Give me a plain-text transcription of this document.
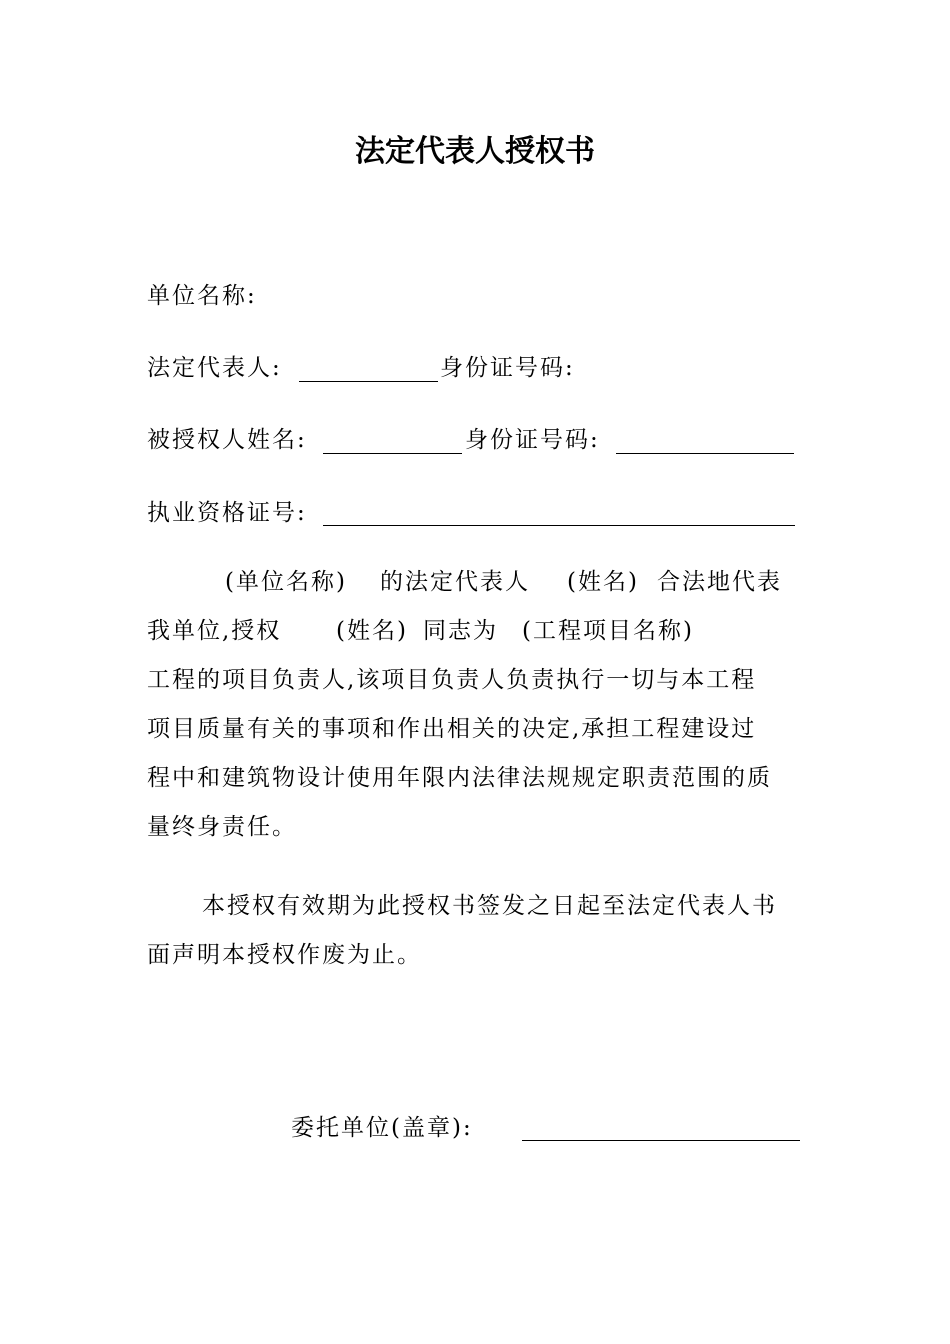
法定代表人授权书
单位名称:
法定代表人:	身份证号码:
被授权人姓名:	身份证号码:
执业资格证号:
(单位名称) 的法定代表人 (姓名) 合法地代表
我单位,授权 (姓名) 同志为 (工程项目名称)
工程的项目负责人,该项目负责人负责执行一切与本工程
项目质量有关的事项和作出相关的决定,承担工程建设过
程中和建筑物设计使用年限内法律法规规定职责范围的质
量终身责任。
本授权有效期为此授权书签发之日起至法定代表人书
面声明本授权作废为止。
委托单位(盖章):
